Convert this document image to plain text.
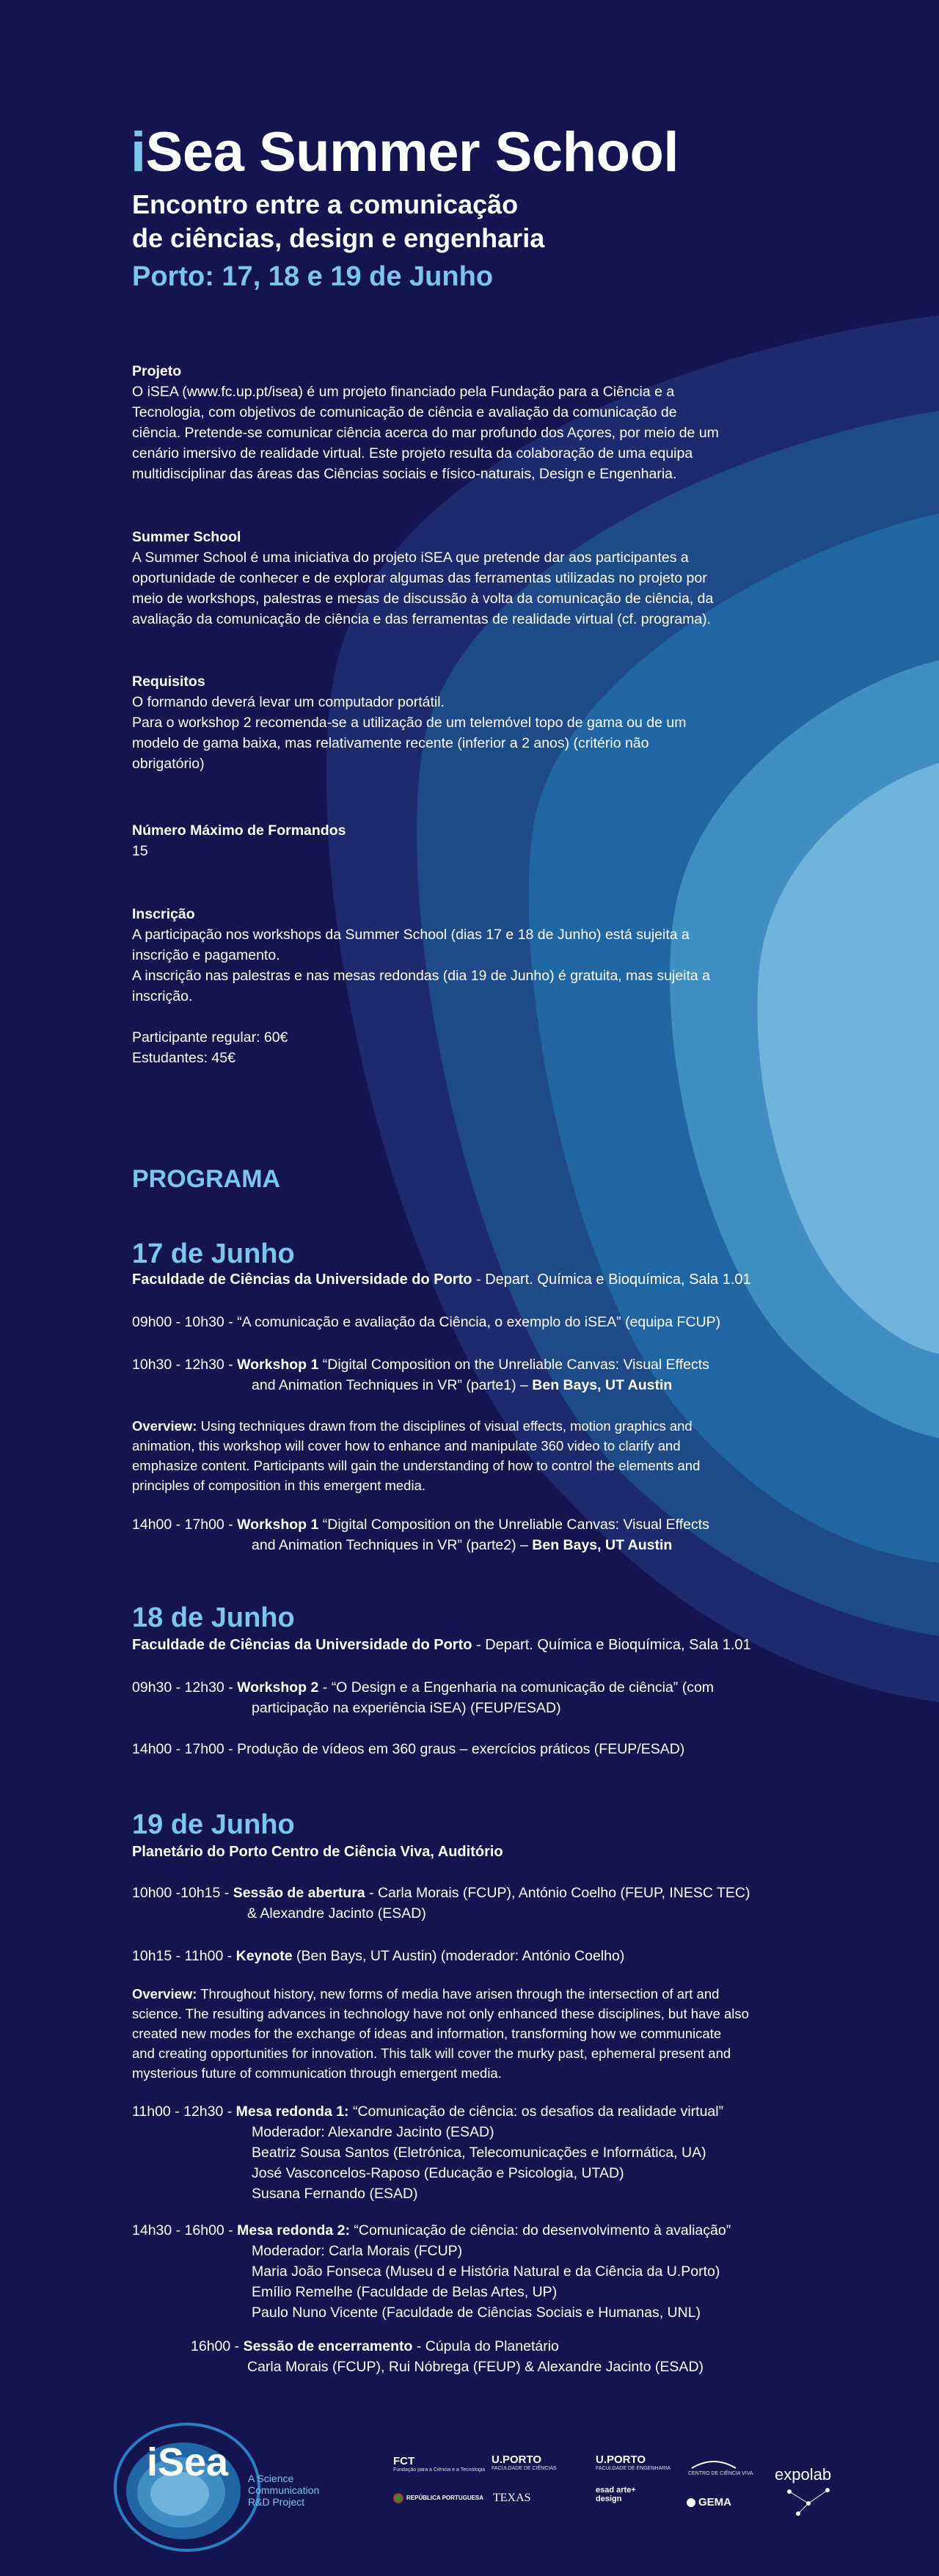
iSea Summer School
Encontro entre a comunicação
de ciências, design e engenharia
Porto: 17, 18 e 19 de Junho
Projeto

O iSEA (www.fc.up.pt/isea) é um projeto financiado pela Fundação para a Ciência e a

Tecnologia, com objetivos de comunicação de ciência e avaliação da comunicação de

ciência. Pretende-se comunicar ciência acerca do mar profundo dos Açores, por meio de um

cenário imersivo de realidade virtual. Este projeto resulta da colaboração de uma equipa

multidisciplinar das áreas das Ciências sociais e físico-naturais, Design e Engenharia.

Summer School

A Summer School é uma iniciativa do projeto iSEA que pretende dar aos participantes a

oportunidade de conhecer e de explorar algumas das ferramentas utilizadas no projeto por

meio de workshops, palestras e mesas de discussão à volta da comunicação de ciência, da

avaliação da comunicação de ciência e das ferramentas de realidade virtual (cf. programa).

Requisitos

O formando deverá levar um computador portátil.

Para o workshop 2 recomenda-se a utilização de um telemóvel topo de gama ou de um

modelo de gama baixa, mas relativamente recente (inferior a 2 anos) (critério não

obrigatório)

Número Máximo de Formandos

15

Inscrição

A participação nos workshops da Summer School (dias 17 e 18 de Junho) está sujeita a

inscrição e pagamento.

A inscrição nas palestras e nas mesas redondas (dia 19 de Junho) é gratuita, mas sujeita a

inscrição.

Participante regular: 60€

Estudantes: 45€

PROGRAMA
17 de Junho
Faculdade de Ciências da Universidade do Porto - Depart. Química e Bioquímica, Sala 1.01
09h00 - 10h30 - “A comunicação e avaliação da Ciência, o exemplo do iSEA” (equipa FCUP)
10h30 - 12h30 - Workshop 1 “Digital Composition on the Unreliable Canvas: Visual Effects
and Animation Techniques in VR” (parte1) – Ben Bays, UT Austin

Overview: Using techniques drawn from the disciplines of visual effects, motion graphics and

animation, this workshop will cover how to enhance and manipulate 360 video to clarify and

emphasize content. Participants will gain the understanding of how to control the elements and

principles of composition in this emergent media.

14h00 - 17h00 - Workshop 1 “Digital Composition on the Unreliable Canvas: Visual Effects
and Animation Techniques in VR” (parte2) – Ben Bays, UT Austin
18 de Junho
Faculdade de Ciências da Universidade do Porto - Depart. Química e Bioquímica, Sala 1.01
09h30 - 12h30 - Workshop 2 - “O Design e a Engenharia na comunicação de ciência” (com
participação na experiência iSEA) (FEUP/ESAD)
14h00 - 17h00 - Produção de vídeos em 360 graus – exercícios práticos (FEUP/ESAD)
19 de Junho
Planetário do Porto Centro de Ciência Viva, Auditório
10h00 -10h15 - Sessão de abertura - Carla Morais (FCUP), António Coelho (FEUP, INESC TEC)
& Alexandre Jacinto (ESAD)
10h15 - 11h00 - Keynote (Ben Bays, UT Austin) (moderador: António Coelho)

Overview: Throughout history, new forms of media have arisen through the intersection of art and

science. The resulting advances in technology have not only enhanced these disciplines, but have also

created new modes for the exchange of ideas and information, transforming how we communicate

and creating opportunities for innovation. This talk will cover the murky past, ephemeral present and

mysterious future of communication through emergent media.

11h00 - 12h30 - Mesa redonda 1: “Comunicação de ciência: os desafios da realidade virtual”
Moderador: Alexandre Jacinto (ESAD)
Beatriz Sousa Santos (Eletrónica, Telecomunicações e Informática, UA)
José Vasconcelos-Raposo (Educação e Psicologia, UTAD)
Susana Fernando (ESAD)
14h30 - 16h00 - Mesa redonda 2: “Comunicação de ciência: do desenvolvimento à avaliação”
Moderador: Carla Morais (FCUP)
Maria João Fonseca (Museu d e História Natural e da Ciência da U.Porto)
Emílio Remelhe (Faculdade de Belas Artes, UP)
Paulo Nuno Vicente (Faculdade de Ciências Sociais e Humanas, UNL)
16h00 - Sessão de encerramento - Cúpula do Planetário
Carla Morais (FCUP), Rui Nóbrega (FEUP) & Alexandre Jacinto (ESAD)
iSea A Science
Communication
R&D Project
FCT
Fundação para a Ciência e a Tecnologia
REPÚBLICA PORTUGUESA
U.PORTO
FACULDADE DE CIÊNCIAS
TEXAS
U.PORTO
FACULDADE DE ENGENHARIA
esad arte+ design
CENTRO DE CIÊNCIA VIVA
GEMA
expolab
